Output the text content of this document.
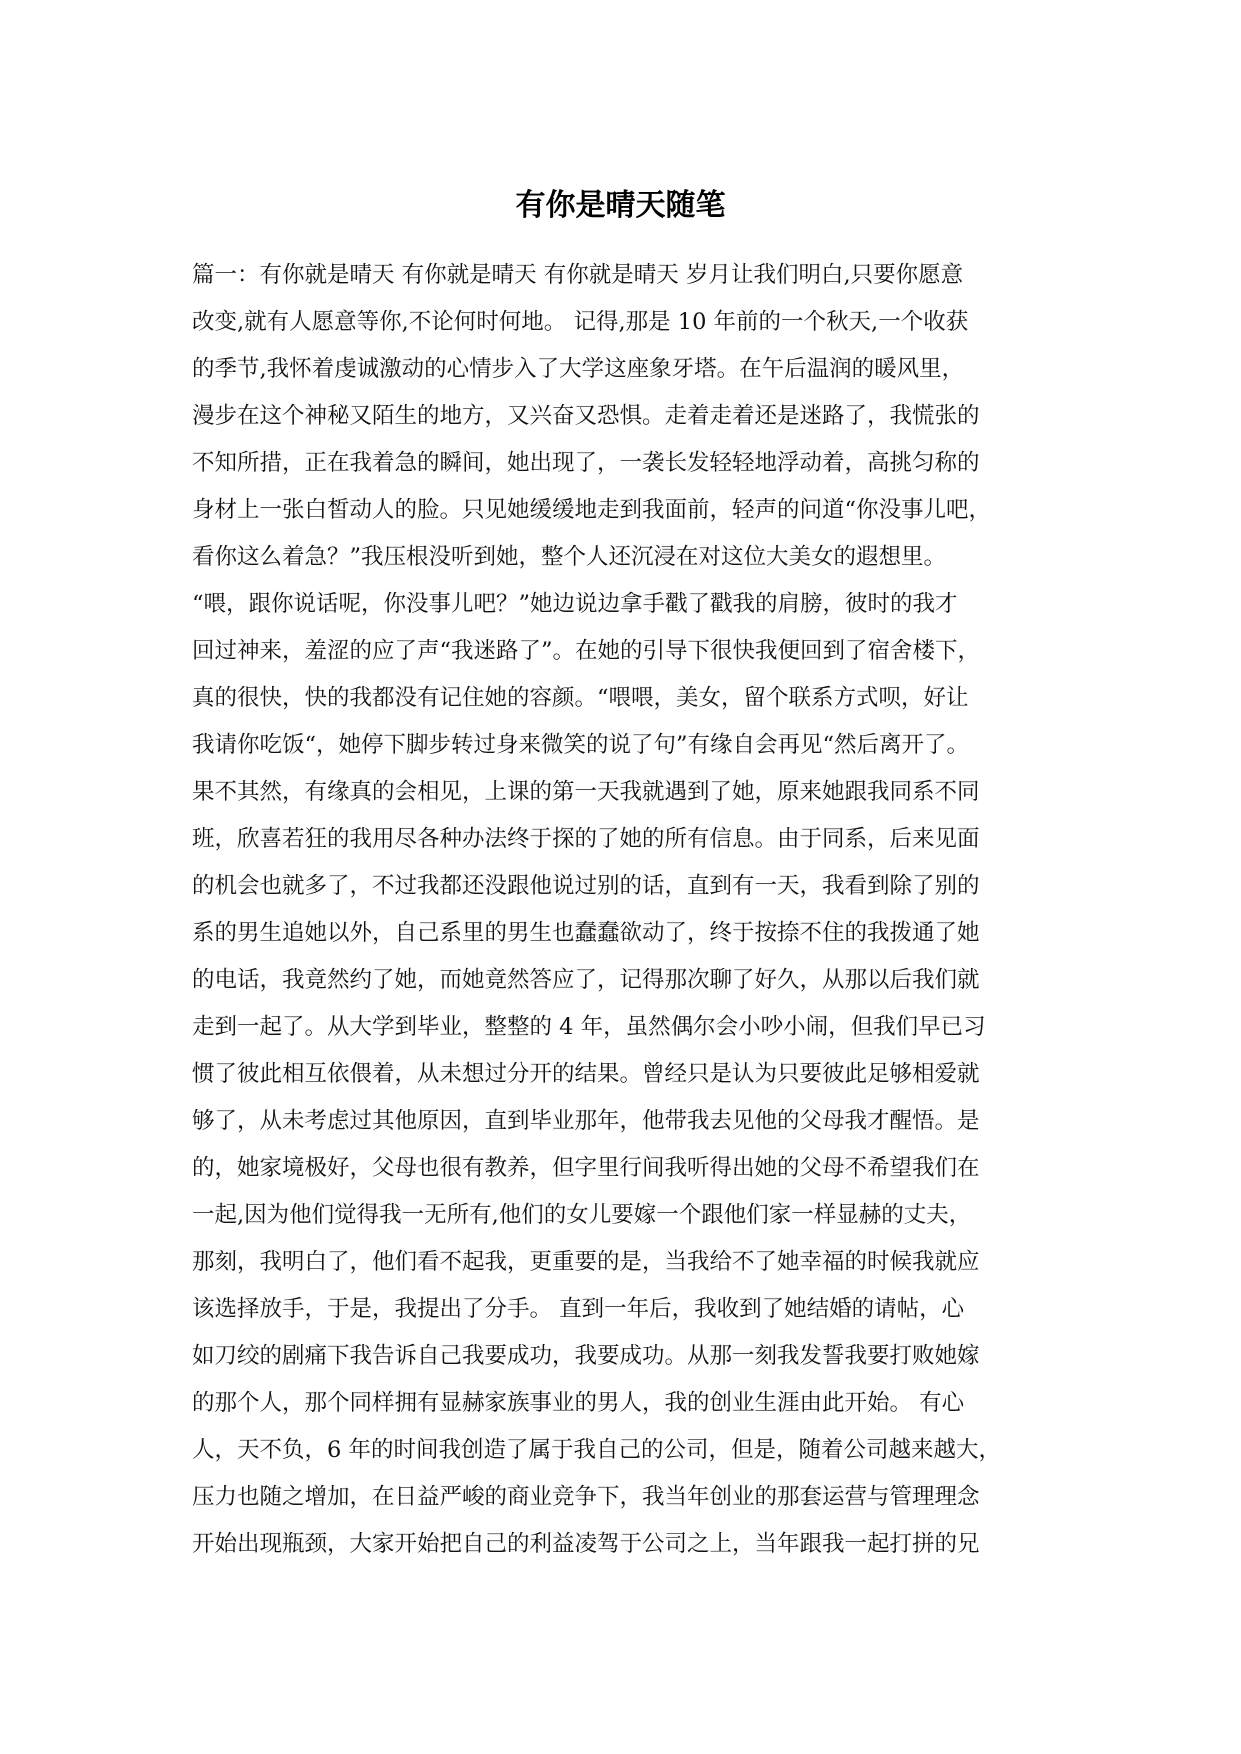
有你是晴天随笔
篇一：有你就是晴天 有你就是晴天 有你就是晴天 岁月让我们明白,只要你愿意
改变,就有人愿意等你,不论何时何地。 记得,那是 10 年前的一个秋天,一个收获
的季节,我怀着虔诚激动的心情步入了大学这座象牙塔。在午后温润的暖风里，
漫步在这个神秘又陌生的地方，又兴奋又恐惧。走着走着还是迷路了，我慌张的
不知所措，正在我着急的瞬间，她出现了，一袭长发轻轻地浮动着，高挑匀称的
身材上一张白皙动人的脸。只见她缓缓地走到我面前，轻声的问道“你没事儿吧，
看你这么着急？”我压根没听到她，整个人还沉浸在对这位大美女的遐想里。
“喂，跟你说话呢，你没事儿吧？”她边说边拿手戳了戳我的肩膀，彼时的我才
回过神来，羞涩的应了声“我迷路了”。在她的引导下很快我便回到了宿舍楼下，
真的很快，快的我都没有记住她的容颜。“喂喂，美女，留个联系方式呗，好让
我请你吃饭“，她停下脚步转过身来微笑的说了句”有缘自会再见“然后离开了。
果不其然，有缘真的会相见，上课的第一天我就遇到了她，原来她跟我同系不同
班，欣喜若狂的我用尽各种办法终于探的了她的所有信息。由于同系，后来见面
的机会也就多了，不过我都还没跟他说过别的话，直到有一天，我看到除了别的
系的男生追她以外，自己系里的男生也蠢蠢欲动了，终于按捺不住的我拨通了她
的电话，我竟然约了她，而她竟然答应了，记得那次聊了好久，从那以后我们就
走到一起了。从大学到毕业，整整的 4 年，虽然偶尔会小吵小闹，但我们早已习
惯了彼此相互依偎着，从未想过分开的结果。曾经只是认为只要彼此足够相爱就
够了，从未考虑过其他原因，直到毕业那年，他带我去见他的父母我才醒悟。是
的，她家境极好，父母也很有教养，但字里行间我听得出她的父母不希望我们在
一起,因为他们觉得我一无所有,他们的女儿要嫁一个跟他们家一样显赫的丈夫，
那刻，我明白了，他们看不起我，更重要的是，当我给不了她幸福的时候我就应
该选择放手，于是，我提出了分手。 直到一年后，我收到了她结婚的请帖，心
如刀绞的剧痛下我告诉自己我要成功，我要成功。从那一刻我发誓我要打败她嫁
的那个人，那个同样拥有显赫家族事业的男人，我的创业生涯由此开始。 有心
人，天不负，6 年的时间我创造了属于我自己的公司，但是，随着公司越来越大，
压力也随之增加，在日益严峻的商业竞争下，我当年创业的那套运营与管理理念
开始出现瓶颈，大家开始把自己的利益凌驾于公司之上，当年跟我一起打拼的兄
